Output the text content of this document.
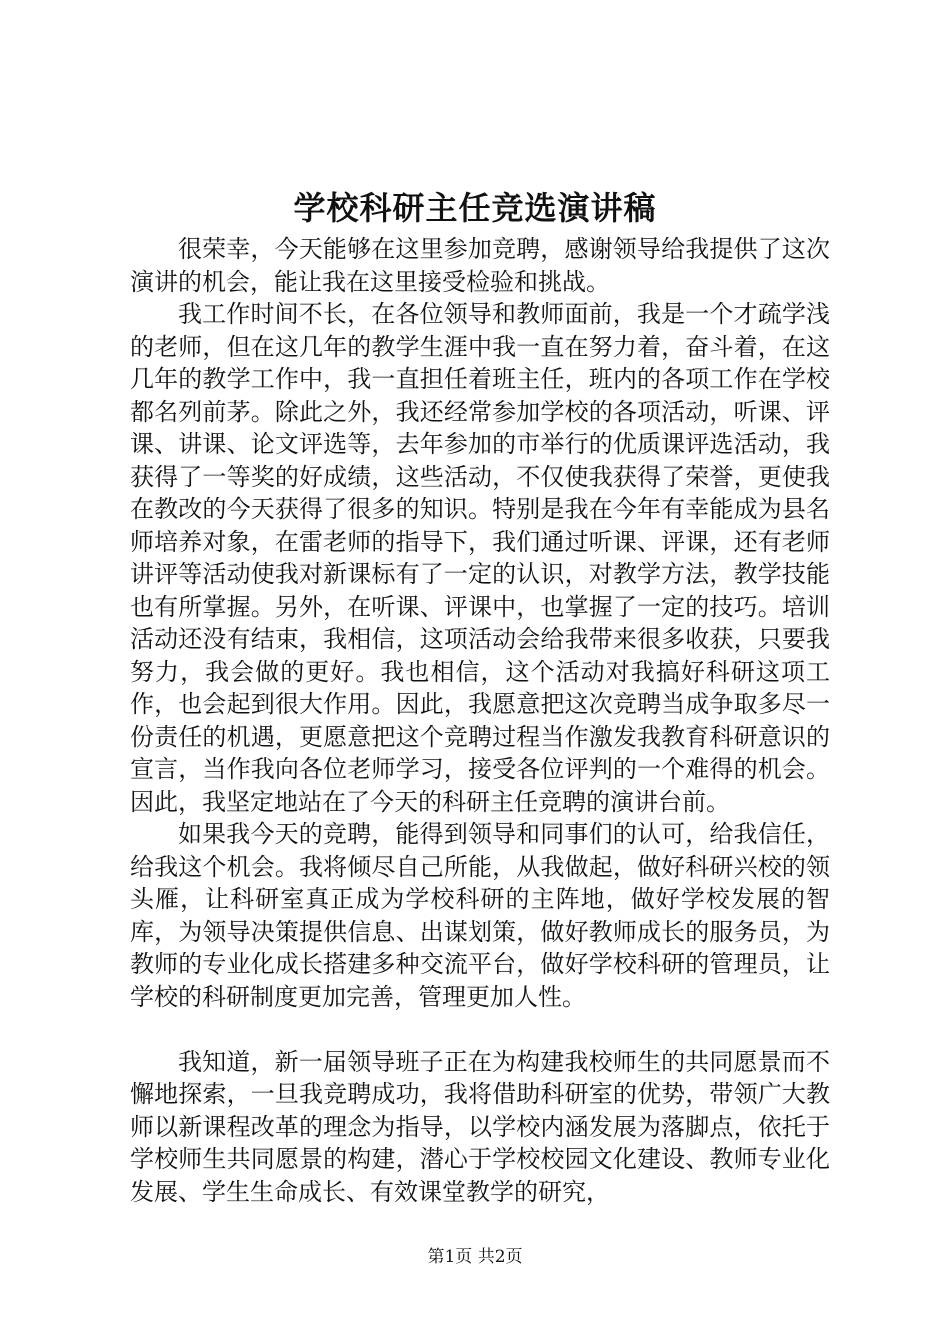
学校科研主任竞选演讲稿

很荣幸，今天能够在这里参加竞聘，感谢领导给我提供了这次演讲的机会，能让我在这里接受检验和挑战。

我工作时间不长，在各位领导和教师面前，我是一个才疏学浅的老师，但在这几年的教学生涯中我一直在努力着，奋斗着，在这几年的教学工作中，我一直担任着班主任，班内的各项工作在学校都名列前茅。除此之外，我还经常参加学校的各项活动，听课、评课、讲课、论文评选等，去年参加的市举行的优质课评选活动，我获得了一等奖的好成绩，这些活动，不仅使我获得了荣誉，更使我在教改的今天获得了很多的知识。特别是我在今年有幸能成为县名师培养对象，在雷老师的指导下，我们通过听课、评课，还有老师讲评等活动使我对新课标有了一定的认识，对教学方法，教学技能也有所掌握。另外，在听课、评课中，也掌握了一定的技巧。培训活动还没有结束，我相信，这项活动会给我带来很多收获，只要我努力，我会做的更好。我也相信，这个活动对我搞好科研这项工作，也会起到很大作用。因此，我愿意把这次竞聘当成争取多尽一份责任的机遇，更愿意把这个竞聘过程当作激发我教育科研意识的宣言，当作我向各位老师学习，接受各位评判的一个难得的机会。因此，我坚定地站在了今天的科研主任竞聘的演讲台前。

如果我今天的竞聘，能得到领导和同事们的认可，给我信任，给我这个机会。我将倾尽自己所能，从我做起，做好科研兴校的领头雁，让科研室真正成为学校科研的主阵地，做好学校发展的智库，为领导决策提供信息、出谋划策，做好教师成长的服务员，为教师的专业化成长搭建多种交流平台，做好学校科研的管理员，让学校的科研制度更加完善，管理更加人性。

我知道，新一届领导班子正在为构建我校师生的共同愿景而不懈地探索，一旦我竞聘成功，我将借助科研室的优势，带领广大教师以新课程改革的理念为指导，以学校内涵发展为落脚点，依托于学校师生共同愿景的构建，潜心于学校校园文化建设、教师专业化发展、学生生命成长、有效课堂教学的研究，

第1页 共2页
